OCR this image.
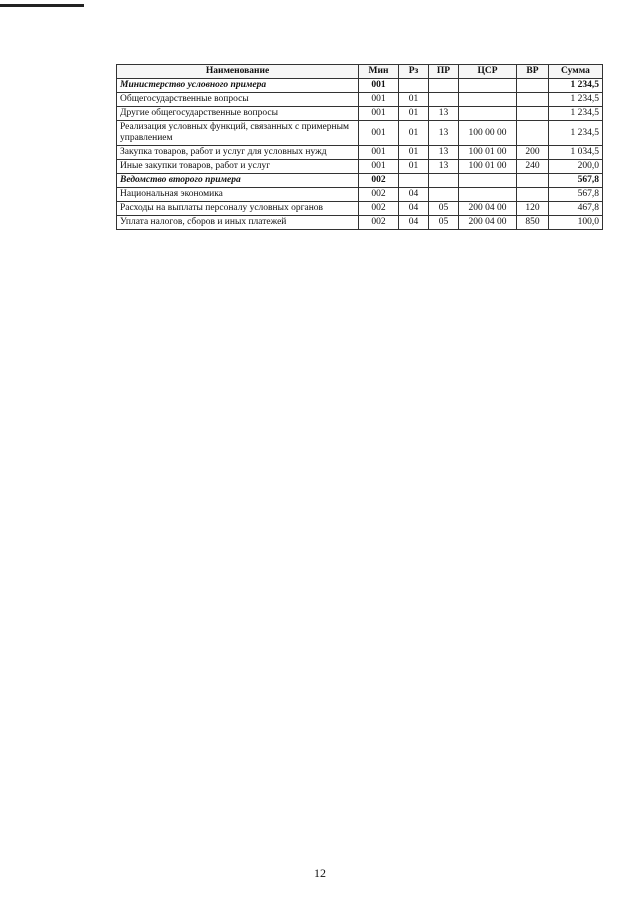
Наименование	Мин	Рз	ПР	ЦСР	ВР	Сумма
Министерство условного примера	001					1 234,5
Общегосударственные вопросы	001	01				1 234,5
Другие общегосударственные вопросы	001	01	13			1 234,5
Реализация условных функций, связанных с примерным управлением	001	01	13	100 00 00		1 234,5
Закупка товаров, работ и услуг для условных нужд	001	01	13	100 01 00	200	1 034,5
Иные закупки товаров, работ и услуг	001	01	13	100 01 00	240	200,0
Ведомство второго примера	002					567,8
Национальная экономика	002	04				567,8
Расходы на выплаты персоналу условных органов	002	04	05	200 04 00	120	467,8
Уплата налогов, сборов и иных платежей	002	04	05	200 04 00	850	100,0
12
